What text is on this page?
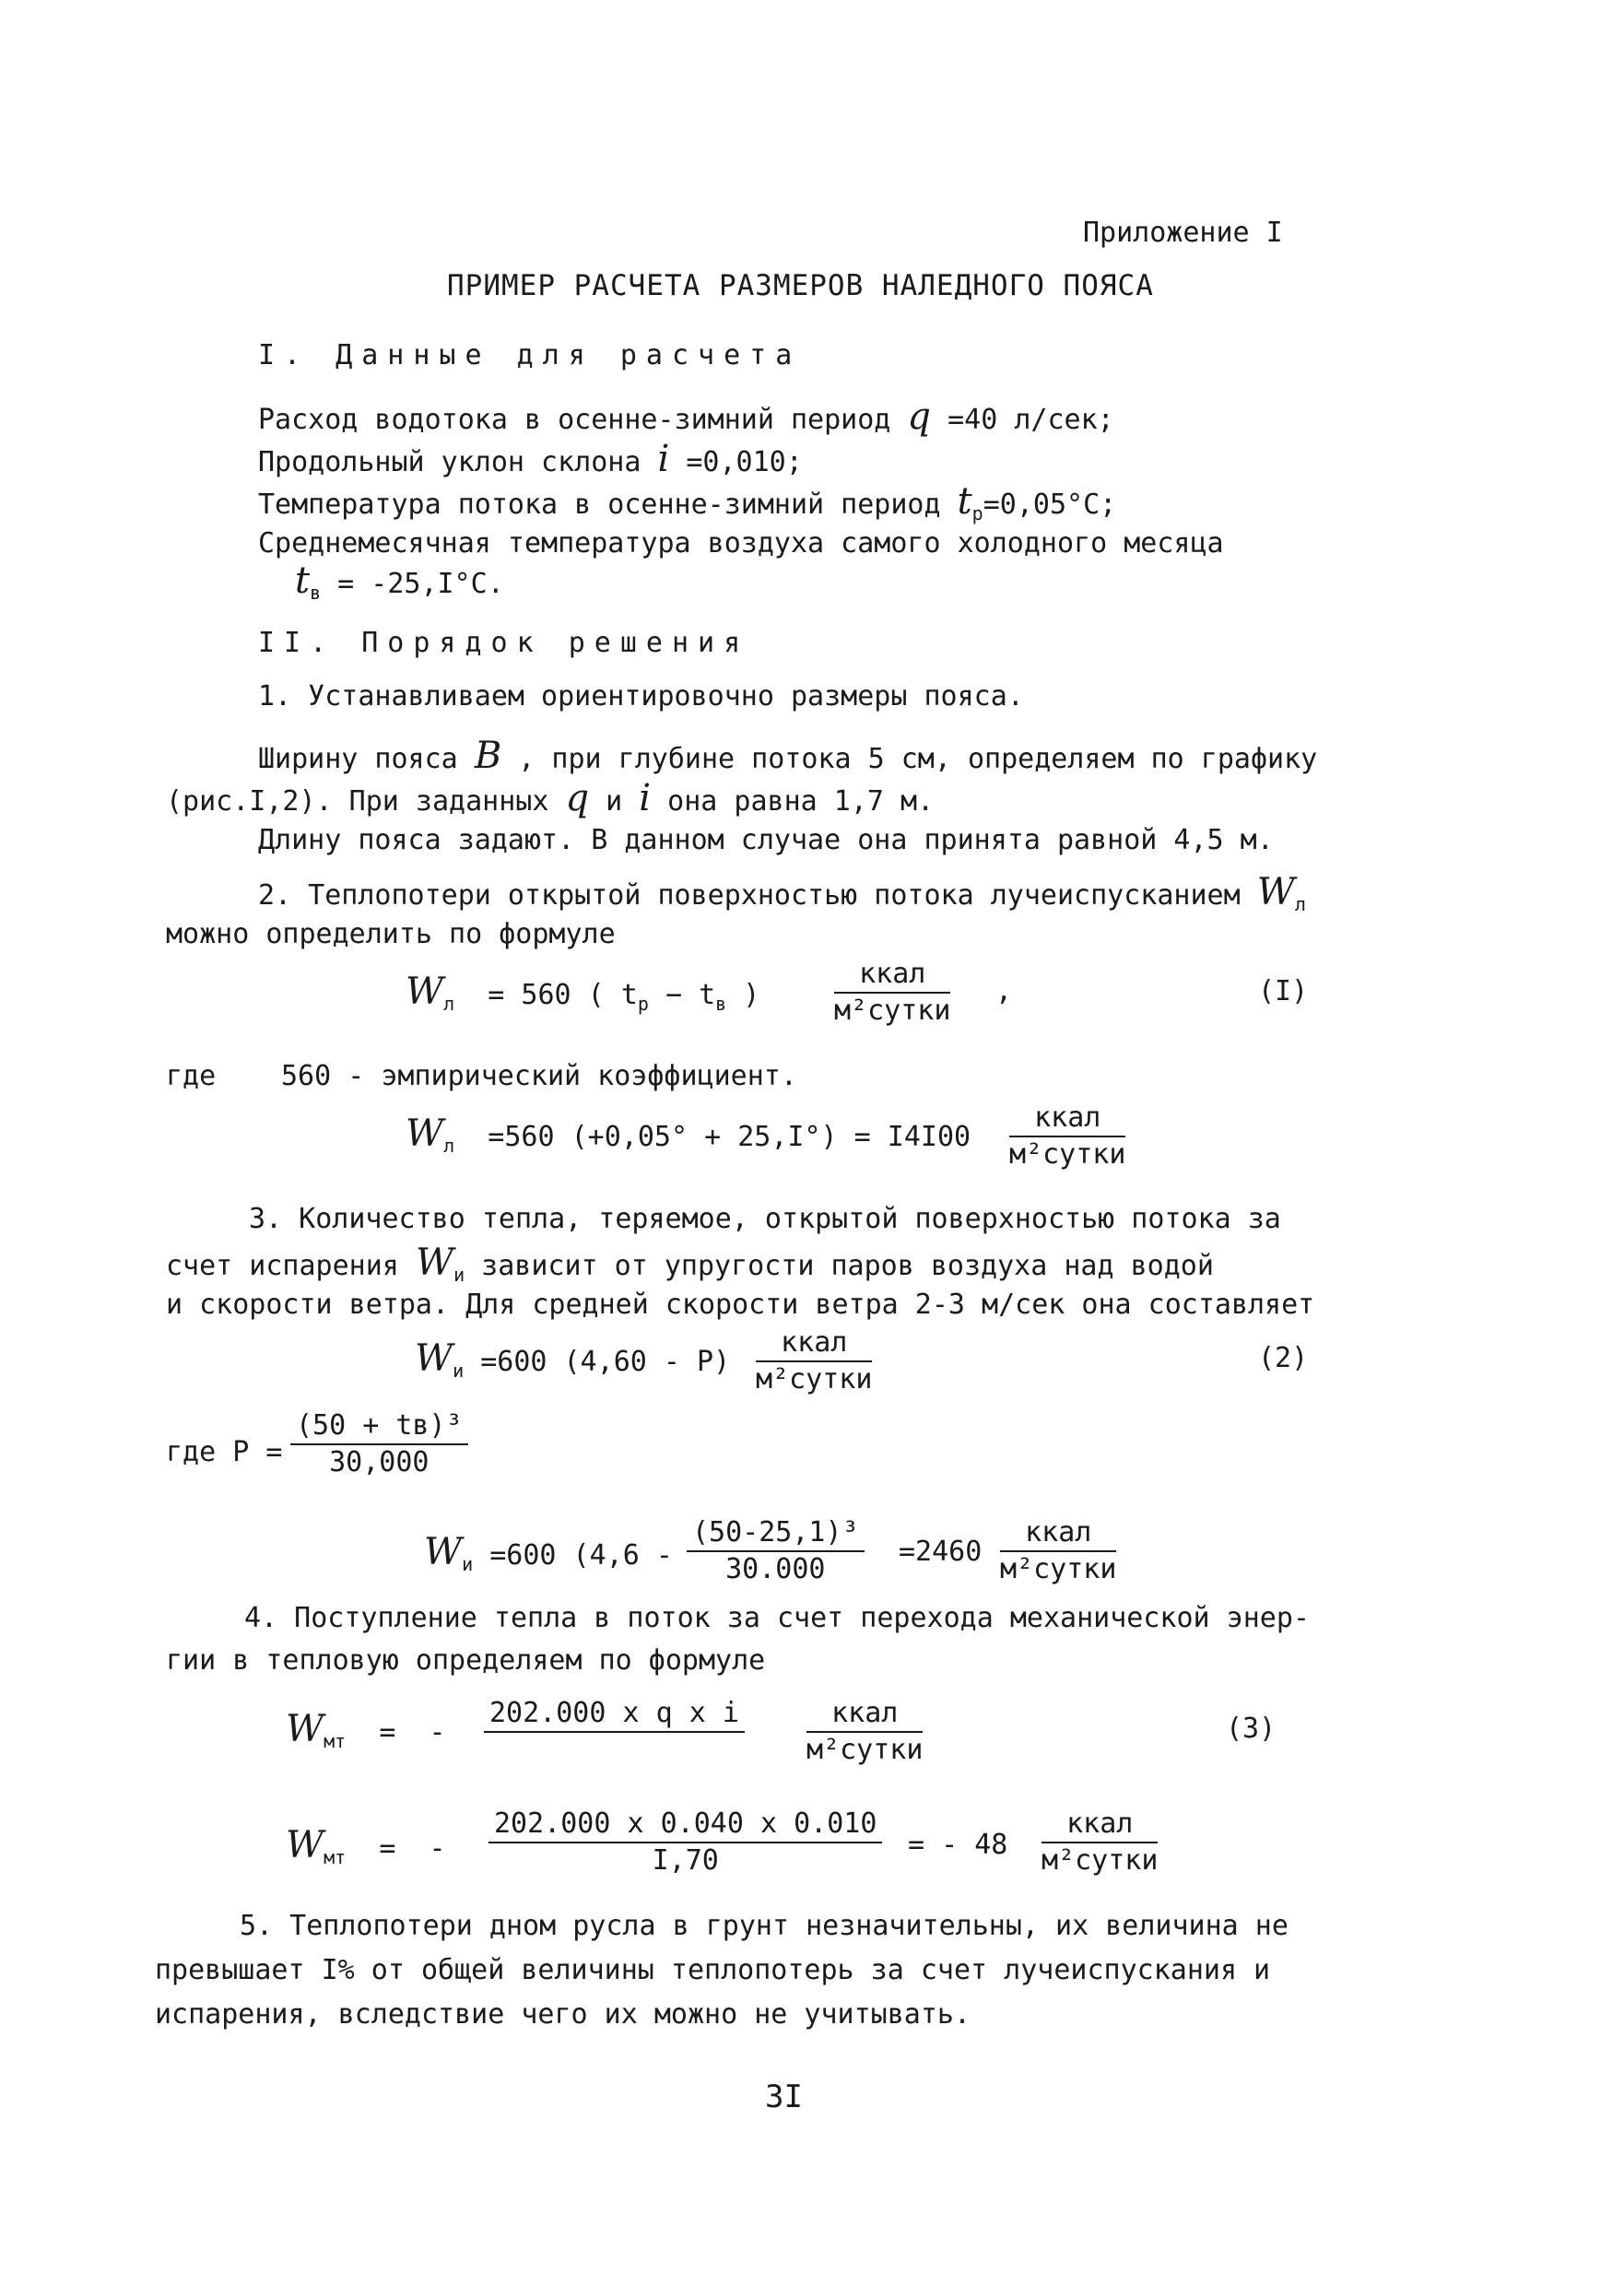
Приложение I
ПРИМЕР РАСЧЕТА РАЗМЕРОВ НАЛЕДНОГО ПОЯСА
I. Данные для расчета
Расход водотока в осенне-зимний период q =40 л/сек;
Продольный уклон склона i =0,010;
Температура потока в осенне-зимний период $t_р=0,05^\circ С$;
Среднемесячная температура воздуха самого холодного месяца
$t_в = -25,I^\circ С$.
II. Порядок решения
1. Устанавливаем ориентировочно размеры пояса.
Ширину пояса B , при глубине потока 5 см, определяем по графику
(рис.I,2). При заданных q и i она равна 1,7 м.
Длину пояса задают. В данном случае она принята равной 4,5 м.
2. Теплопотери открытой поверхностью потока лучеиспусканием $W_л$
можно определить по формуле
$W_л = 560$ ( $t_р - t_в$ )
ккал
м²сутки
,	(I)
где 560 - эмпирический коэффициент.
$W_л =560$ (+0,05° + 25,I°) = I4I00
ккал
м²сутки
3. Количество тепла, теряемое, открытой поверхностью потока за
счет испарения $W_и$ зависит от упругости паров воздуха над водой
и скорости ветра. Для средней скорости ветра 2-3 м/сек она составляет
$W_и =600$ (4,60 - P)
ккал
м²сутки
(2)
где P =
(50 + tв)³
30,000
$W_и =600$ ($4,6 - \frac{\text{(50-25,1)³}}{30.000} =2460$
ккал
м²сутки
4. Поступление тепла в поток за счет перехода механической энер-
гии в тепловую определяем по формуле
$W_{мт}$ =  -
202.000 x q x i
	ккал
м²сутки
(3)
$W_{мт}$ =  - $\frac{202.000 x 0.040 x 0.010}{I,70}$ = - 48
ккал
м²сутки
5. Теплопотери дном русла в грунт незначительны, их величина не
превышает I% от общей величины теплопотерь за счет лучеиспускания и
испарения, вследствие чего их можно не учитывать.
3I
